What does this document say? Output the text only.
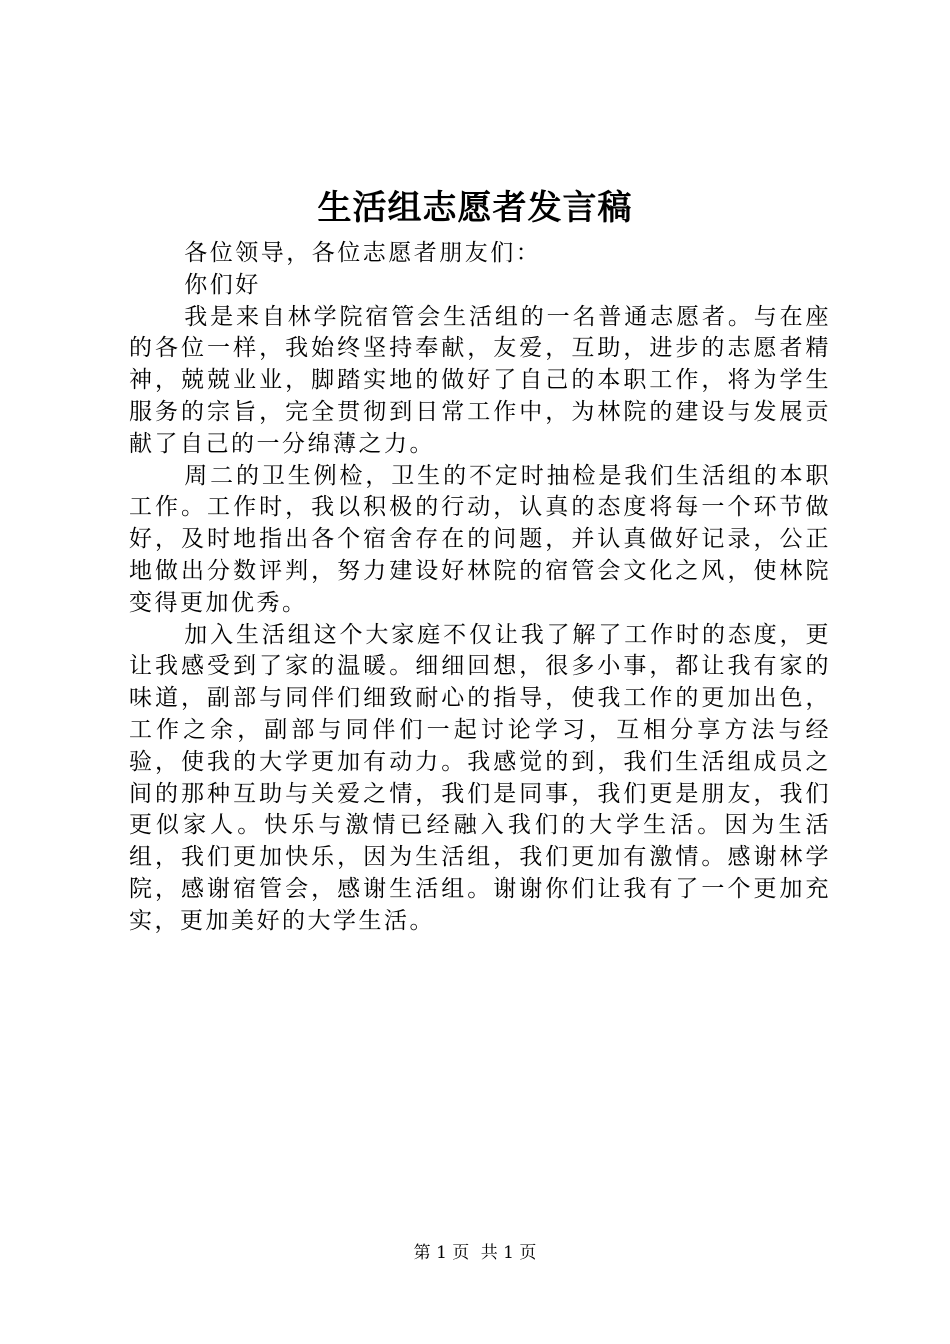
生活组志愿者发言稿

各位领导，各位志愿者朋友们：

你们好

我是来自林学院宿管会生活组的一名普通志愿者。与在座的各位一样，我始终坚持奉献，友爱，互助，进步的志愿者精神，兢兢业业，脚踏实地的做好了自己的本职工作，将为学生服务的宗旨，完全贯彻到日常工作中，为林院的建设与发展贡献了自己的一分绵薄之力。

周二的卫生例检，卫生的不定时抽检是我们生活组的本职工作。工作时，我以积极的行动，认真的态度将每一个环节做好，及时地指出各个宿舍存在的问题，并认真做好记录，公正地做出分数评判，努力建设好林院的宿管会文化之风，使林院变得更加优秀。

加入生活组这个大家庭不仅让我了解了工作时的态度，更让我感受到了家的温暖。细细回想，很多小事，都让我有家的味道，副部与同伴们细致耐心的指导，使我工作的更加出色，工作之余，副部与同伴们一起讨论学习，互相分享方法与经验，使我的大学更加有动力。我感觉的到，我们生活组成员之间的那种互助与关爱之情，我们是同事，我们更是朋友，我们更似家人。快乐与激情已经融入我们的大学生活。因为生活组，我们更加快乐，因为生活组，我们更加有激情。感谢林学院，感谢宿管会，感谢生活组。谢谢你们让我有了一个更加充实，更加美好的大学生活。

第 1 页 共 1 页
